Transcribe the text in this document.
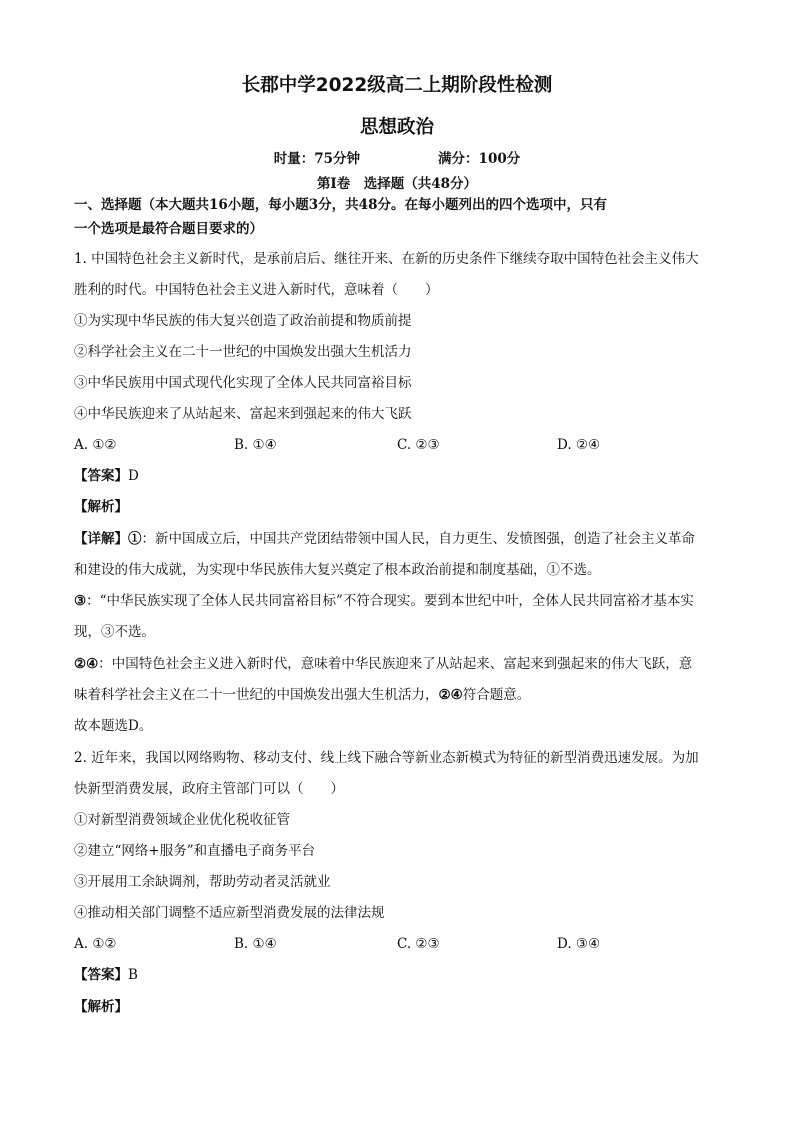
长郡中学2022级高二上期阶段性检测
思想政治
时量：75分钟	满分：100分
第Ⅰ卷　选择题（共48分）
一、选择题（本大题共16小题，每小题3分，共48分。在每小题列出的四个选项中，只有
一个选项是最符合题目要求的）
1. 中国特色社会主义新时代，是承前启后、继往开来、在新的历史条件下继续夺取中国特色社会主义伟大
胜利的时代。中国特色社会主义进入新时代，意味着（　　）
①为实现中华民族的伟大复兴创造了政治前提和物质前提
②科学社会主义在二十一世纪的中国焕发出强大生机活力
③中华民族用中国式现代化实现了全体人民共同富裕目标
④中华民族迎来了从站起来、富起来到强起来的伟大飞跃
A. ①②	B. ①④	C. ②③	D. ②④
【答案】D
【解析】
【详解】①：新中国成立后，中国共产党团结带领中国人民，自力更生、发愤图强，创造了社会主义革命
和建设的伟大成就，为实现中华民族伟大复兴奠定了根本政治前提和制度基础，①不选。
③：“中华民族实现了全体人民共同富裕目标”不符合现实。要到本世纪中叶，全体人民共同富裕才基本实
现，③不选。
②④：中国特色社会主义进入新时代，意味着中华民族迎来了从站起来、富起来到强起来的伟大飞跃，意
味着科学社会主义在二十一世纪的中国焕发出强大生机活力，②④符合题意。
故本题选D。
2. 近年来，我国以网络购物、移动支付、线上线下融合等新业态新模式为特征的新型消费迅速发展。为加
快新型消费发展，政府主管部门可以（　　）
①对新型消费领域企业优化税收征管
②建立“网络+服务”和直播电子商务平台
③开展用工余缺调剂，帮助劳动者灵活就业
④推动相关部门调整不适应新型消费发展的法律法规
A. ①②	B. ①④	C. ②③	D. ③④
【答案】B
【解析】
